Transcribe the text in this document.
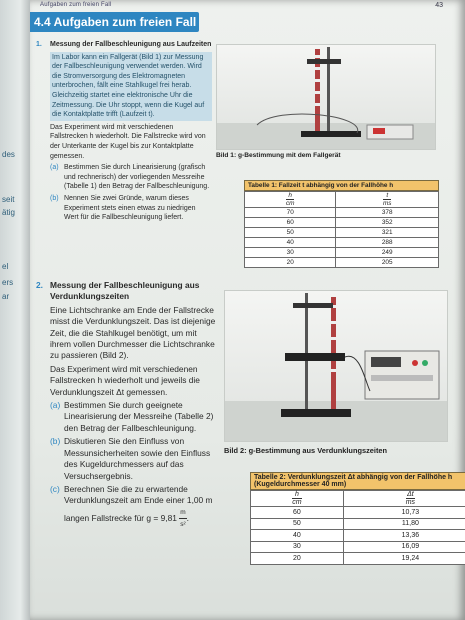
des
seit
ätig
el
ers
ar
Aufgaben zum freien Fall	43
4.4 Aufgaben zum freien Fall
1.	Messung der Fallbeschleunigung aus Laufzeiten
Im Labor kann ein Fallgerät (Bild 1) zur Messung der Fallbeschleunigung verwendet werden. Wird die Stromversorgung des Elektromagneten unterbrochen, fällt eine Stahlkugel frei herab. Gleichzeitig startet eine elektronische Uhr die Zeitmessung. Die Uhr stoppt, wenn die Kugel auf die Kontaktplatte trifft (Laufzeit t).
Das Experiment wird mit verschiedenen Fallstrecken h wiederholt. Die Fallstrecke wird von der Unterkante der Kugel bis zur Kontaktplatte gemessen.
(a) Bestimmen Sie durch Linearisierung (grafisch und rechnerisch) der vorliegenden Messreihe (Tabelle 1) den Betrag der Fallbeschleunigung.
(b) Nennen Sie zwei Gründe, warum dieses Experiment stets einen etwas zu niedrigen Wert für die Fallbeschleunigung liefert.
Bild 1: g-Bestimmung mit dem Fallgerät
Tabelle 1: Fallzeit t abhängig von der Fallhöhe h
$\frac{h}{cm}$	$\frac{t}{ms}$

70	378
60	352
50	321
40	288
30	249
20	205
2. Messung der Fallbeschleunigung aus Verdunklungszeiten
Eine Lichtschranke am Ende der Fallstrecke misst die Verdunklungszeit. Das ist diejenige Zeit, die die Stahlkugel benötigt, um mit ihrem vollen Durchmesser die Lichtschranke zu passieren (Bild 2).
Das Experiment wird mit verschiedenen Fallstrecken h wiederholt und jeweils die Verdunklungszeit Δt gemessen.
(a) Bestimmen Sie durch geeignete Linearisierung der Messreihe (Tabelle 2) den Betrag der Fallbeschleunigung.
(b) Diskutieren Sie den Einfluss von Messunsicherheiten sowie den Einfluss des Kugeldurchmessers auf das Versuchsergebnis.
(c) Berechnen Sie die zu erwartende Verdunklungszeit am Ende einer 1,00 m langen Fallstrecke für $g = 9,81 \frac{m}{\text{s²}}$ .
Bild 2: g-Bestimmung aus Verdunklungszeiten
Tabelle 2: Verdunklungszeit Δt abhängig von der Fallhöhe h (Kugeldurchmesser 40 mm)
$\frac{h}{cm}$	$\frac{\Delta t}{ms}$

60	10,73
50	11,80
40	13,36
30	16,09
20	19,24
